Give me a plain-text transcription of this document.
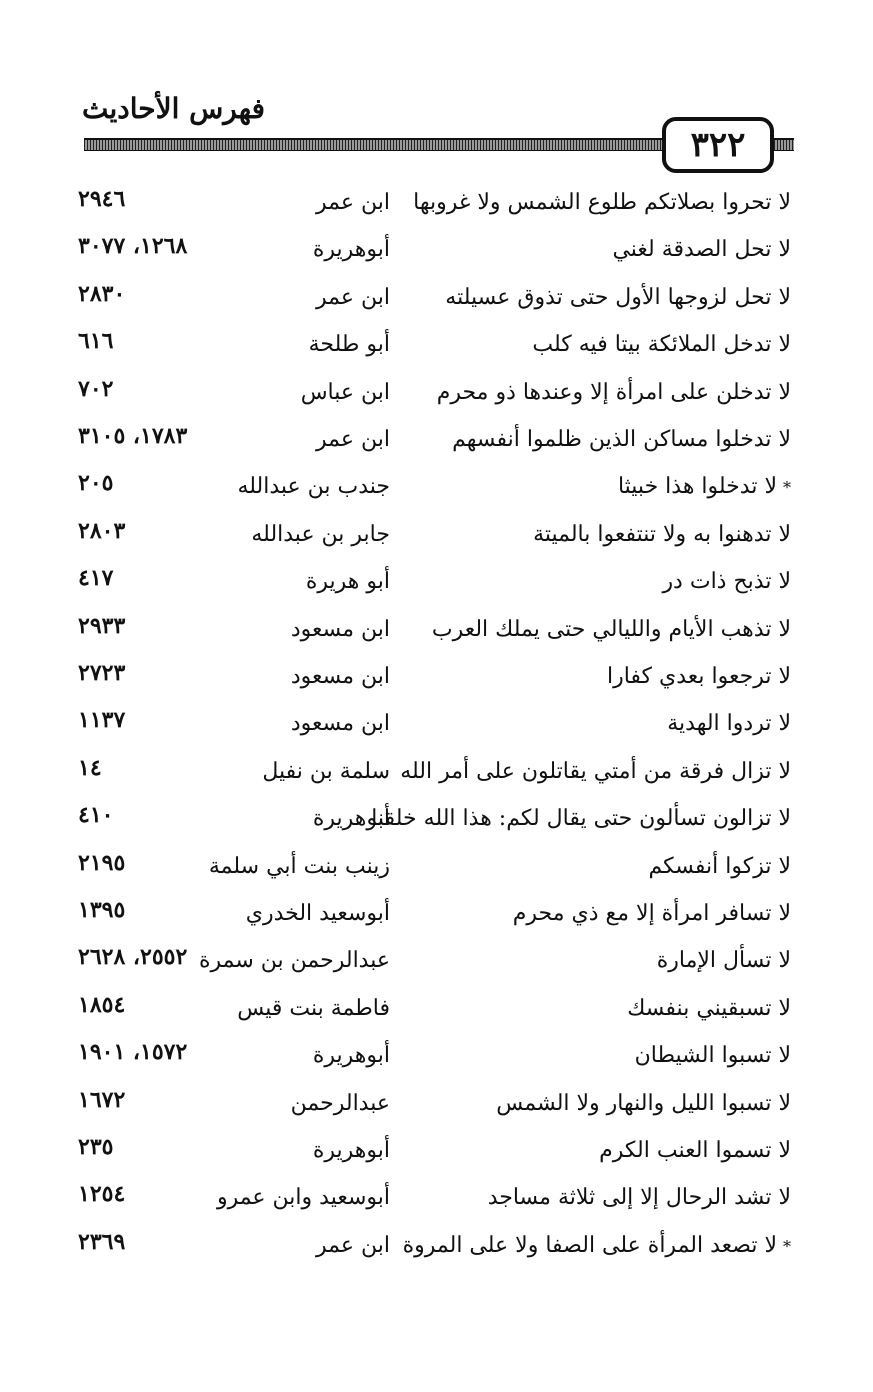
فهرس الأحاديث
٣٢٢
لا تحروا بصلاتكم طلوع الشمس ولا غروبها
ابن عمر
٢٩٤٦
لا تحل الصدقة لغني
أبوهريرة
١٢٦٨، ٣٠٧٧
لا تحل لزوجها الأول حتى تذوق عسيلته
ابن عمر
٢٨٣٠
لا تدخل الملائكة بيتا فيه كلب
أبو طلحة
٦١٦
لا تدخلن على امرأة إلا وعندها ذو محرم
ابن عباس
٧٠٢
لا تدخلوا مساكن الذين ظلموا أنفسهم
ابن عمر
١٧٨٣، ٣١٠٥
*لا تدخلوا هذا خبيثا
جندب بن عبدالله
٢٠٥
لا تدهنوا به ولا تنتفعوا بالميتة
جابر بن عبدالله
٢٨٠٣
لا تذبح ذات در
أبو هريرة
٤١٧
لا تذهب الأيام والليالي حتى يملك العرب
ابن مسعود
٢٩٣٣
لا ترجعوا بعدي كفارا
ابن مسعود
٢٧٢٣
لا تردوا الهدية
ابن مسعود
١١٣٧
لا تزال فرقة من أمتي يقاتلون على أمر الله
سلمة بن نفيل
١٤
لا تزالون تسألون حتى يقال لكم: هذا الله خلقنا
أبوهريرة
٤١٠
لا تزكوا أنفسكم
زينب بنت أبي سلمة
٢١٩٥
لا تسافر امرأة إلا مع ذي محرم
أبوسعيد الخدري
١٣٩٥
لا تسأل الإمارة
عبدالرحمن بن سمرة
٢٥٥٢، ٢٦٢٨
لا تسبقيني بنفسك
فاطمة بنت قيس
١٨٥٤
لا تسبوا الشيطان
أبوهريرة
١٥٧٢، ١٩٠١
لا تسبوا الليل والنهار ولا الشمس
عبدالرحمن
١٦٧٢
لا تسموا العنب الكرم
أبوهريرة
٢٣٥
لا تشد الرحال إلا إلى ثلاثة مساجد
أبوسعيد وابن عمرو
١٢٥٤
*لا تصعد المرأة على الصفا ولا على المروة
ابن عمر
٢٣٦٩
